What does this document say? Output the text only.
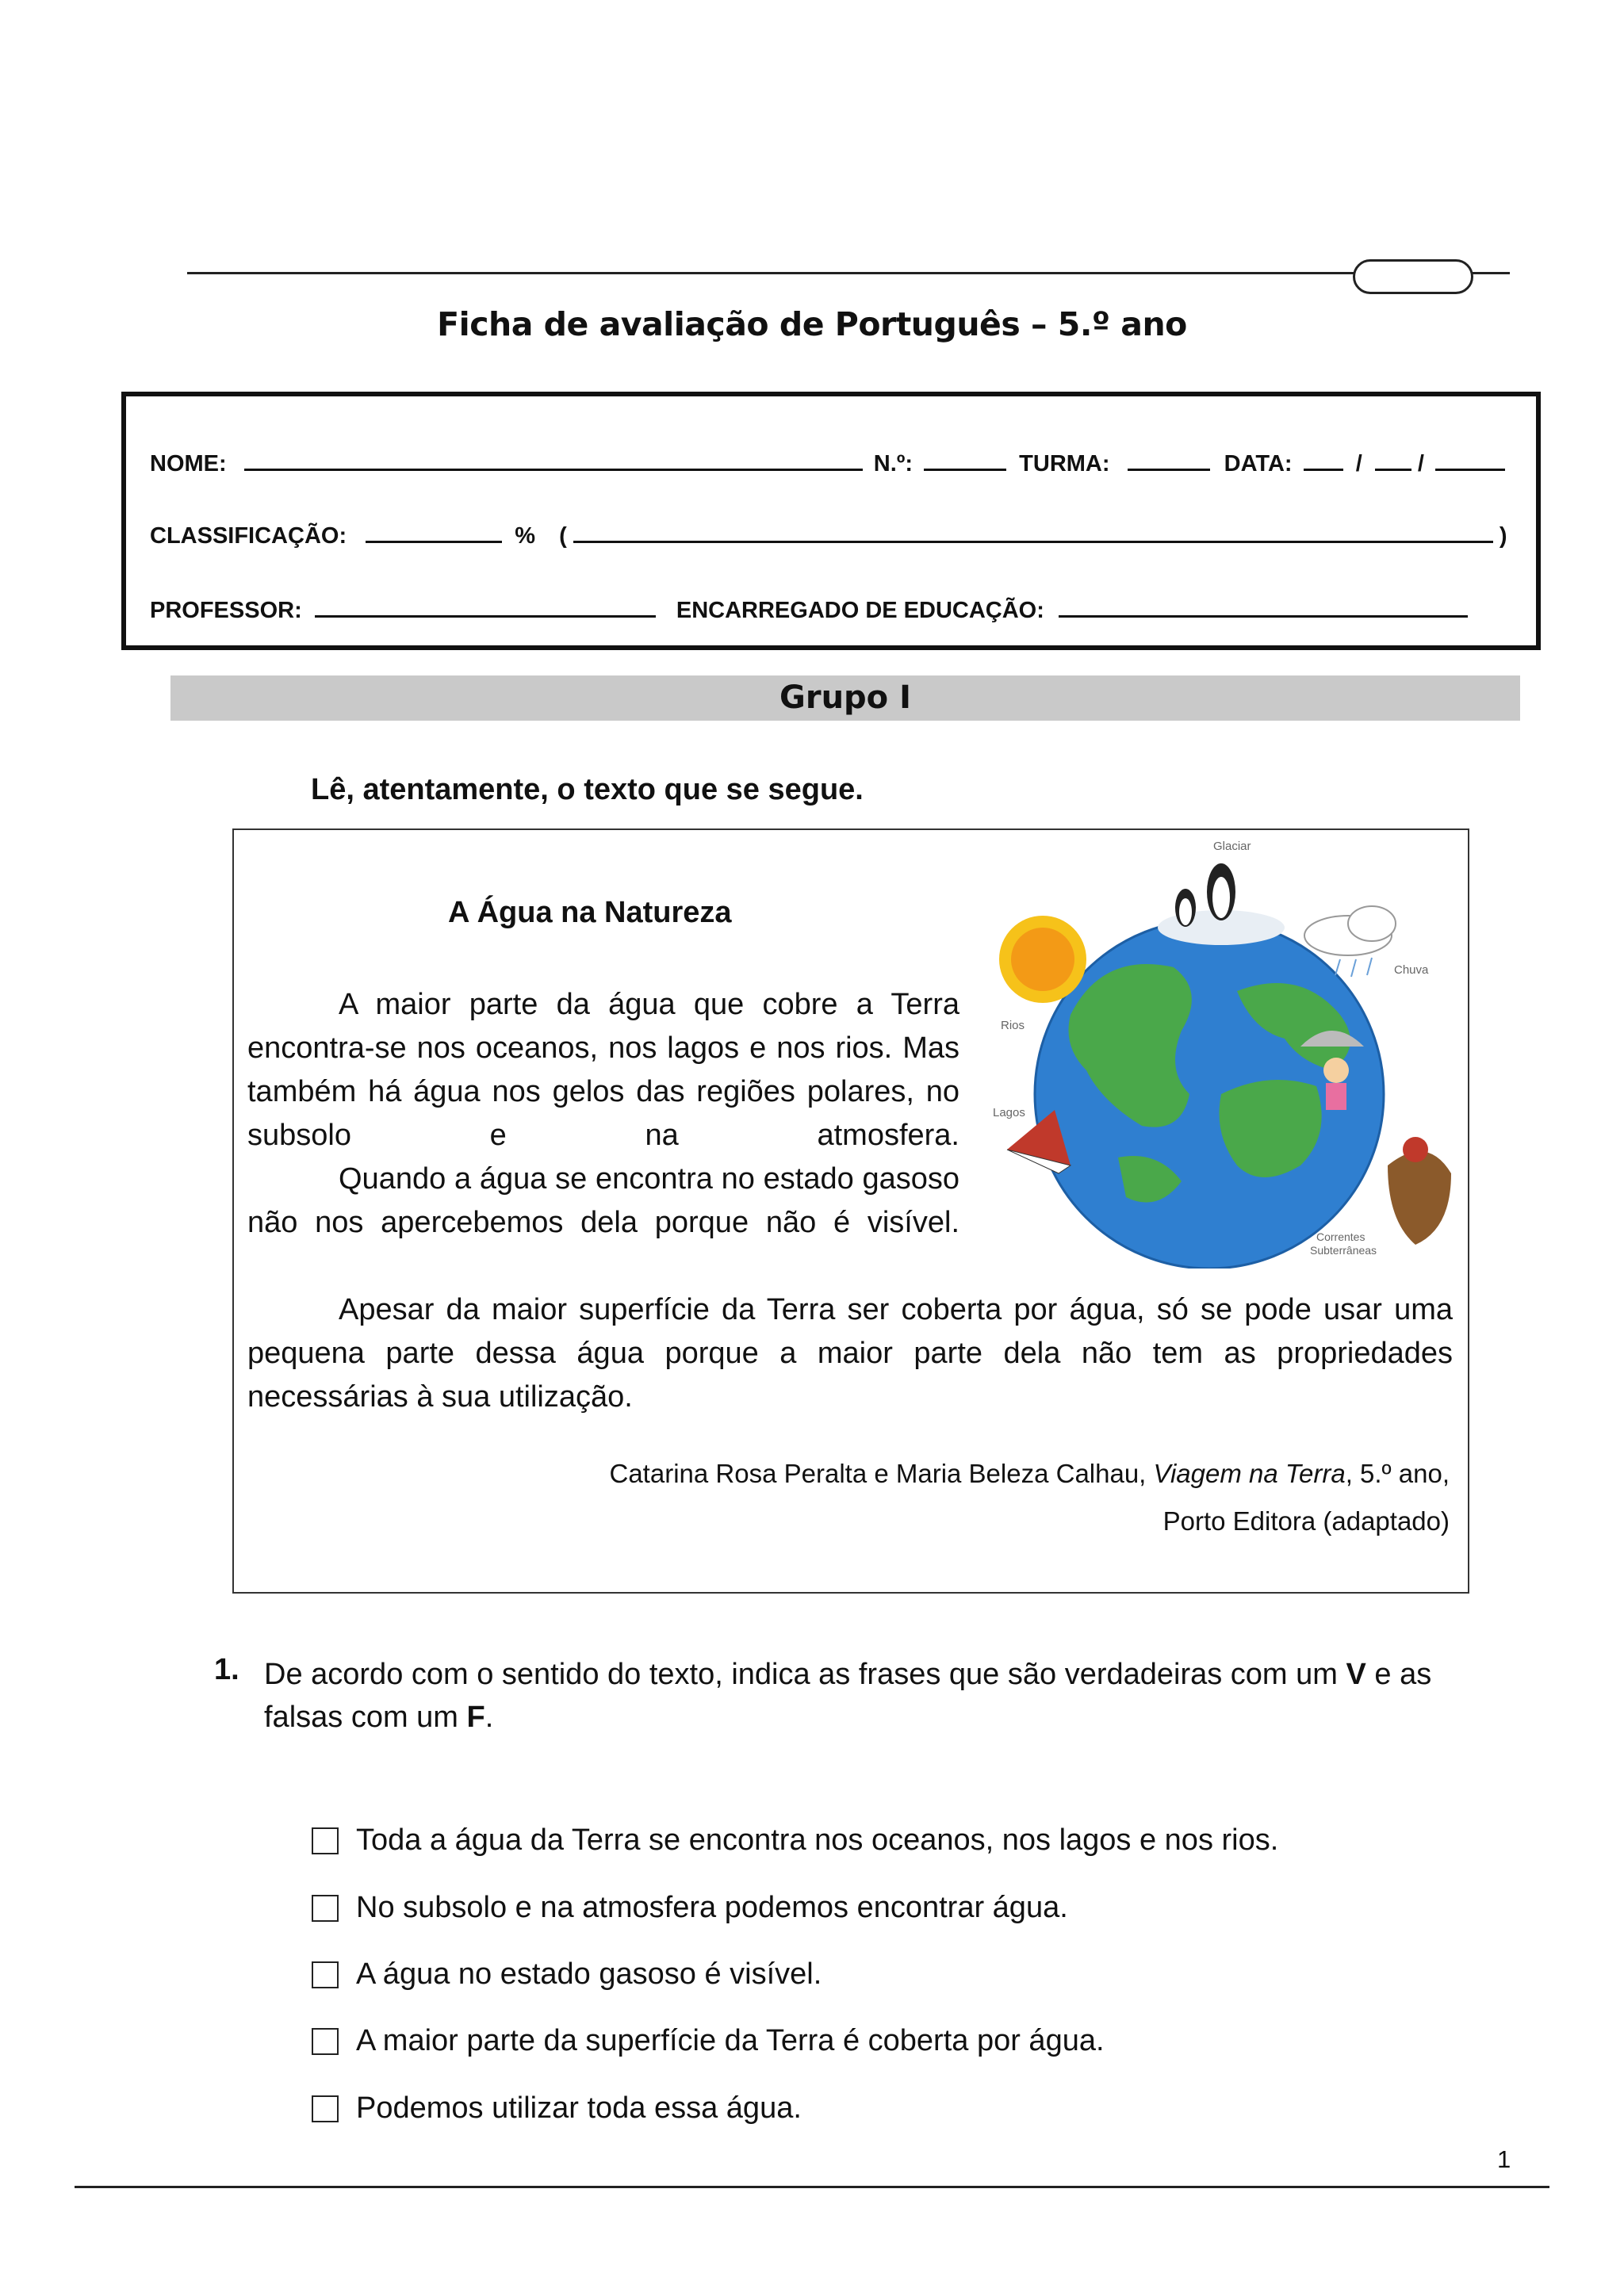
Ficha de avaliação de Português – 5.º ano
NOME:	N.º:	TURMA:	DATA:	/ /
CLASSIFICAÇÃO:	% (	)
PROFESSOR:	ENCARREGADO DE EDUCAÇÃO:
Grupo I
Lê, atentamente, o texto que se segue.
A Água na Natureza

A maior parte da água que cobre a Terra encontra-se nos oceanos, nos lagos e nos rios. Mas também há água nos gelos das regiões polares, no subsolo e na atmosfera.

Quando a água se encontra no estado gasoso não nos apercebemos dela porque não é visível.

Apesar da maior superfície da Terra ser coberta por água, só se pode usar uma pequena parte dessa água porque a maior parte dela não tem as propriedades necessárias à sua utilização.

Catarina Rosa Peralta e Maria Beleza Calhau, Viagem na Terra, 5.º ano,
Porto Editora (adaptado)
Glaciar
Chuva
Rios
Lagos
Correntes
Subterrâneas
1. De acordo com o sentido do texto, indica as frases que são verdadeiras com um V e as falsas com um F.
Toda a água da Terra se encontra nos oceanos, nos lagos e nos rios.
No subsolo e na atmosfera podemos encontrar água.
A água no estado gasoso é visível.
A maior parte da superfície da Terra é coberta por água.
Podemos utilizar toda essa água.
1
